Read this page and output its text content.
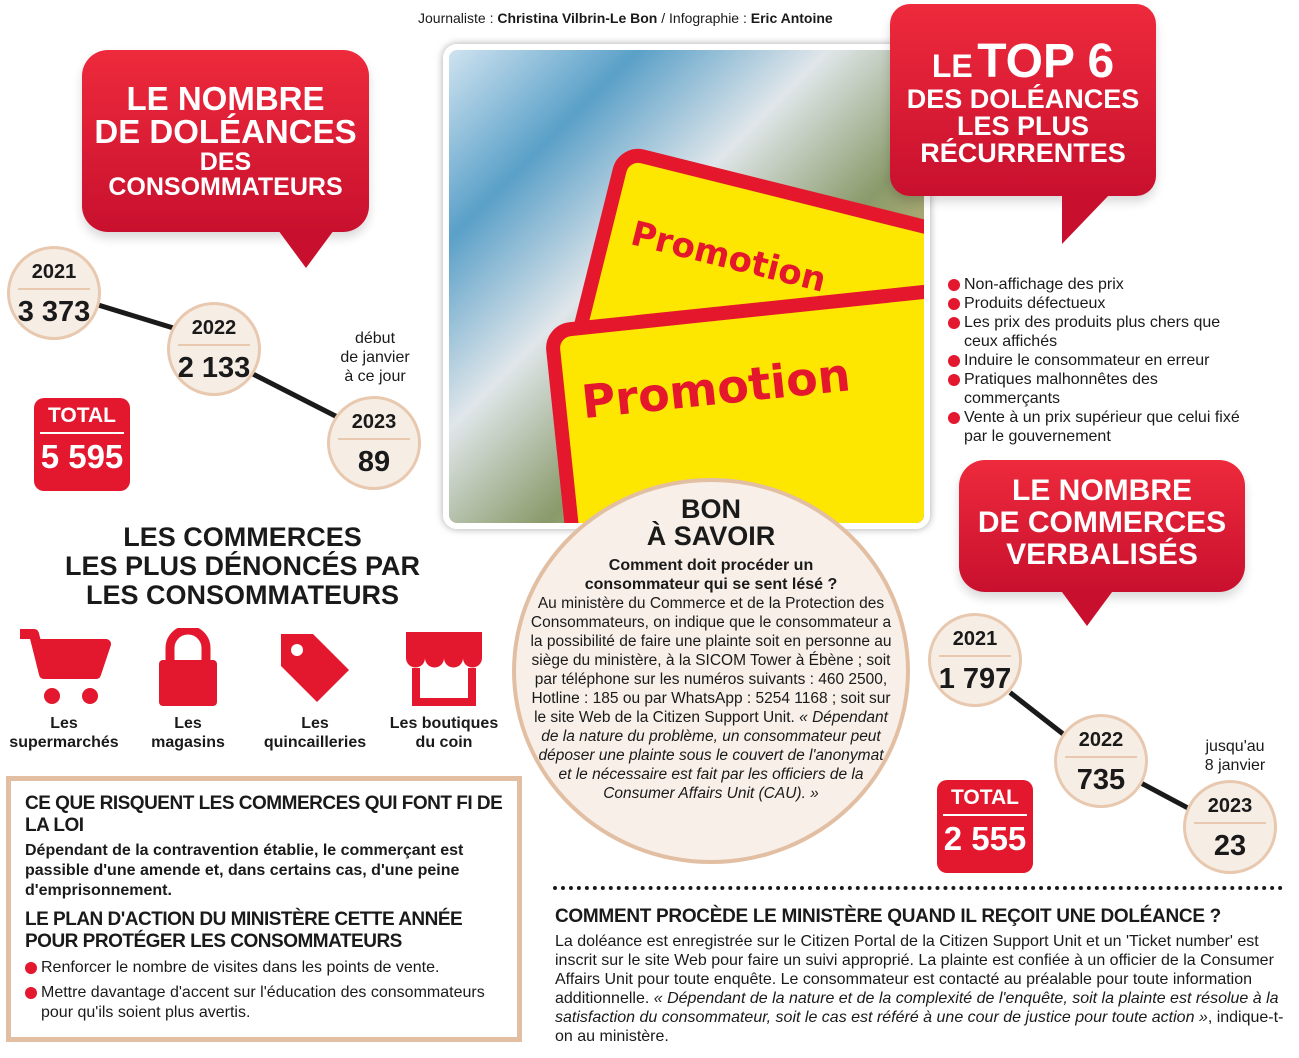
Journaliste : Christina Vilbrin-Le Bon / Infographie : Eric Antoine
LE NOMBRE
DE DOLÉANCES
DES
CONSOMMATEURS
2021
3 373	2022
2 133
2023
89
début
de janvier
à ce jour
TOTAL
5 595
Promotion
Promotion
LE TOP 6
DES DOLÉANCES
LES PLUS
RÉCURRENTES
Non-affichage des prix
Produits défectueux
Les prix des produits plus chers que ceux affichés
Induire le consommateur en erreur
Pratiques malhonnêtes des commerçants
Vente à un prix supérieur que celui fixé par le gouvernement
LES COMMERCES
LES PLUS DÉNONCÉS PAR
LES CONSOMMATEURS
Les
supermarchés
Les
magasins
Les
quincailleries
Les boutiques
du coin
CE QUE RISQUENT LES COMMERCES QUI FONT FI DE LA LOI

Dépendant de la contravention établie, le commerçant est passible d'une amende et, dans certains cas, d'une peine d'emprisonnement.

LE PLAN D'ACTION DU MINISTÈRE CETTE ANNÉE POUR PROTÉGER LES CONSOMMATEURS
Renforcer le nombre de visites dans les points de vente.
Mettre davantage d'accent sur l'éducation des consommateurs pour qu'ils soient plus avertis.
BON
À SAVOIR
Comment doit procéder un consommateur qui se sent lésé ?
Au ministère du Commerce et de la Protection des Consommateurs, on indique que le consommateur a la possibilité de faire une plainte soit en personne au siège du ministère, à la SICOM Tower à Ébène ; soit par téléphone sur les numéros suivants : 460 2500, Hotline : 185 ou par WhatsApp : 5254 1168 ; soit sur le site Web de la Citizen Support Unit. « Dépendant de la nature du problème, un consommateur peut déposer une plainte sous le couvert de l'anonymat et le nécessaire est fait par les officiers de la Consumer Affairs Unit (CAU). »
LE NOMBRE
DE COMMERCES
VERBALISÉS
2021
1 797
2022
735
2023
23
jusqu'au
8 janvier
TOTAL
2 555
COMMENT PROCÈDE LE MINISTÈRE QUAND IL REÇOIT UNE DOLÉANCE ?

La doléance est enregistrée sur le Citizen Portal de la Citizen Support Unit et un 'Ticket number' est inscrit sur le site Web pour faire un suivi approprié. La plainte est confiée à un officier de la Consumer Affairs Unit pour toute enquête. Le consommateur est contacté au préalable pour toute information additionnelle. « Dépendant de la nature et de la complexité de l'enquête, soit la plainte est résolue à la satisfaction du consommateur, soit le cas est référé à une cour de justice pour toute action », indique-t-on au ministère.
